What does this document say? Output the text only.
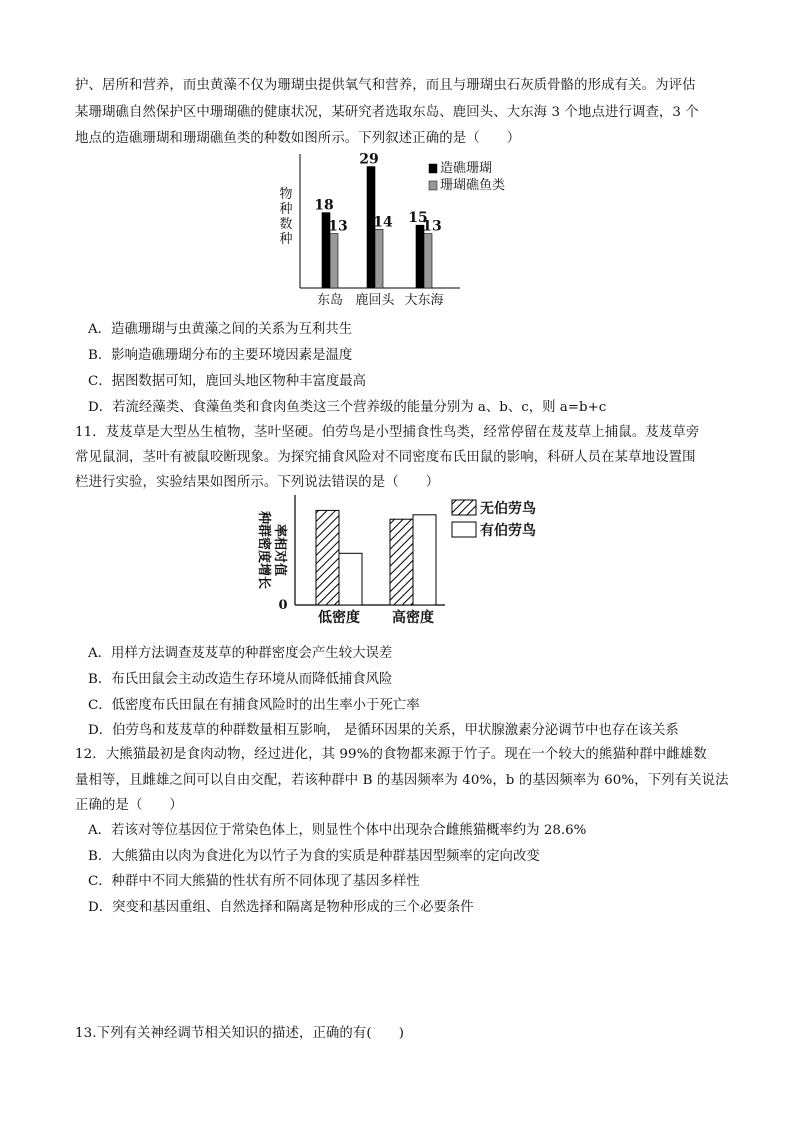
护、居所和营养，而虫黄藻不仅为珊瑚虫提供氧气和营养，而且与珊瑚虫石灰质骨骼的形成有关。为评估
某珊瑚礁自然保护区中珊瑚礁的健康状况，某研究者选取东岛、鹿回头、大东海 3 个地点进行调查，3 个
地点的造礁珊瑚和珊瑚礁鱼类的种数如图所示。下列叙述正确的是（　　）
物
种
数
种
18
13
29
14 15
13
东岛 鹿回头 大东海
造礁珊瑚
珊瑚礁鱼类
A．造礁珊瑚与虫黄藻之间的关系为互利共生
B．影响造礁珊瑚分布的主要环境因素是温度
C．据图数据可知，鹿回头地区物种丰富度最高
D．若流经藻类、食藻鱼类和食肉鱼类这三个营养级的能量分别为 a、b、c，则 a=b+c
11．芨芨草是大型丛生植物，茎叶坚硬。伯劳鸟是小型捕食性鸟类，经常停留在芨芨草上捕鼠。芨芨草旁
常见鼠洞，茎叶有被鼠咬断现象。为探究捕食风险对不同密度布氏田鼠的影响，科研人员在某草地设置围
栏进行实验，实验结果如图所示。下列说法错误的是（　　）
0
种群密度增长 率相对值
低密度 高密度
无伯劳鸟
有伯劳鸟
A．用样方法调查芨芨草的种群密度会产生较大误差
B．布氏田鼠会主动改造生存环境从而降低捕食风险
C．低密度布氏田鼠在有捕食风险时的出生率小于死亡率
D．伯劳鸟和芨芨草的种群数量相互影响， 是循环因果的关系，甲状腺激素分泌调节中也存在该关系
12．大熊猫最初是食肉动物，经过进化，其 99%的食物都来源于竹子。现在一个较大的熊猫种群中雌雄数
量相等，且雌雄之间可以自由交配，若该种群中 B 的基因频率为 40%，b 的基因频率为 60%，下列有关说法
正确的是（　　）
A．若该对等位基因位于常染色体上，则显性个体中出现杂合雌熊猫概率约为 28.6%
B．大熊猫由以肉为食进化为以竹子为食的实质是种群基因型频率的定向改变
C．种群中不同大熊猫的性状有所不同体现了基因多样性
D．突变和基因重组、自然选择和隔离是物种形成的三个必要条件
13.下列有关神经调节相关知识的描述，正确的有(　　)
